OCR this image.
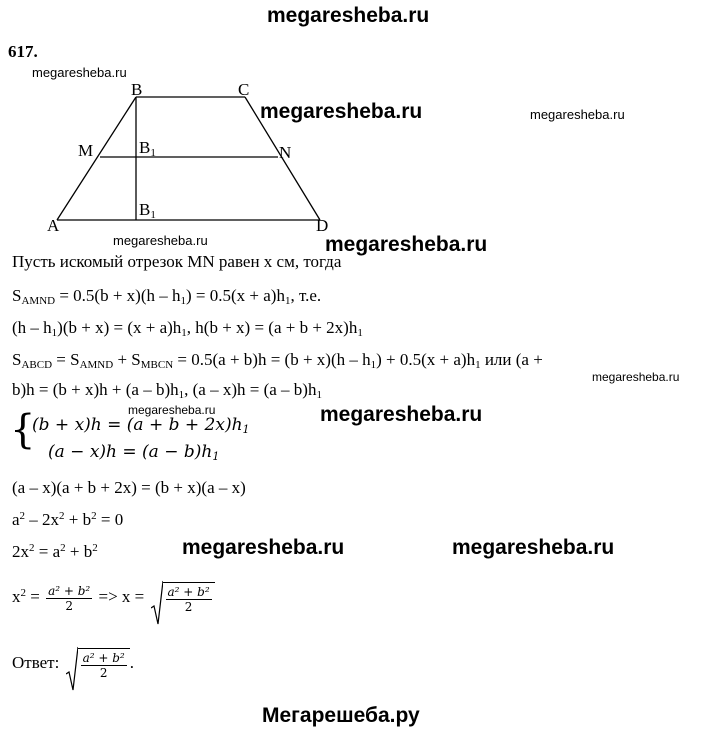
megaresheba.ru
megaresheba.ru
megaresheba.ru	megaresheba.ru
megaresheba.ru	megaresheba.ru
megaresheba.ru
megaresheba.ru	megaresheba.ru
megaresheba.ru	megaresheba.ru
Мегарешеба.ру
617.
A
B	C
D
M	N
$B_1$
$B_1$
Пусть искомый отрезок MN равен x см, тогда
$S_{AMND} = 0.5(b + x)(h - h_1) = 0.5(x + a)h_1$, т.е.
$(h - h_1)(b + x) = (x + a)h_1$, $h(b + x) = (a + b + 2x)h_1$
$S_{ABCD} = S_{AMND} + S_{MBCN} = 0.5(a + b)h = (b + x)(h - h_1) + 0.5(x + a)h_1$ или (a +
$b)h = (b + x)h + (a - b)h_1$, $(a - x)h = (a - b)h_1$
{
$(b + x)h = (a + b + 2x)h_1$
$(a - x)h = (a - b)h_1$
(a – x)(a + b + 2x) = (b + x)(a – x)
$a^2 - 2x^2 + b^2 = 0$
$2x^2 = a^2 + b^2$
$x^2 = \frac{\text{a² + b²}}{2} => x = \frac{\text{a² + b²}}{2}$
Ответ: $\frac{\text{a² + b²}}{2}$ .
